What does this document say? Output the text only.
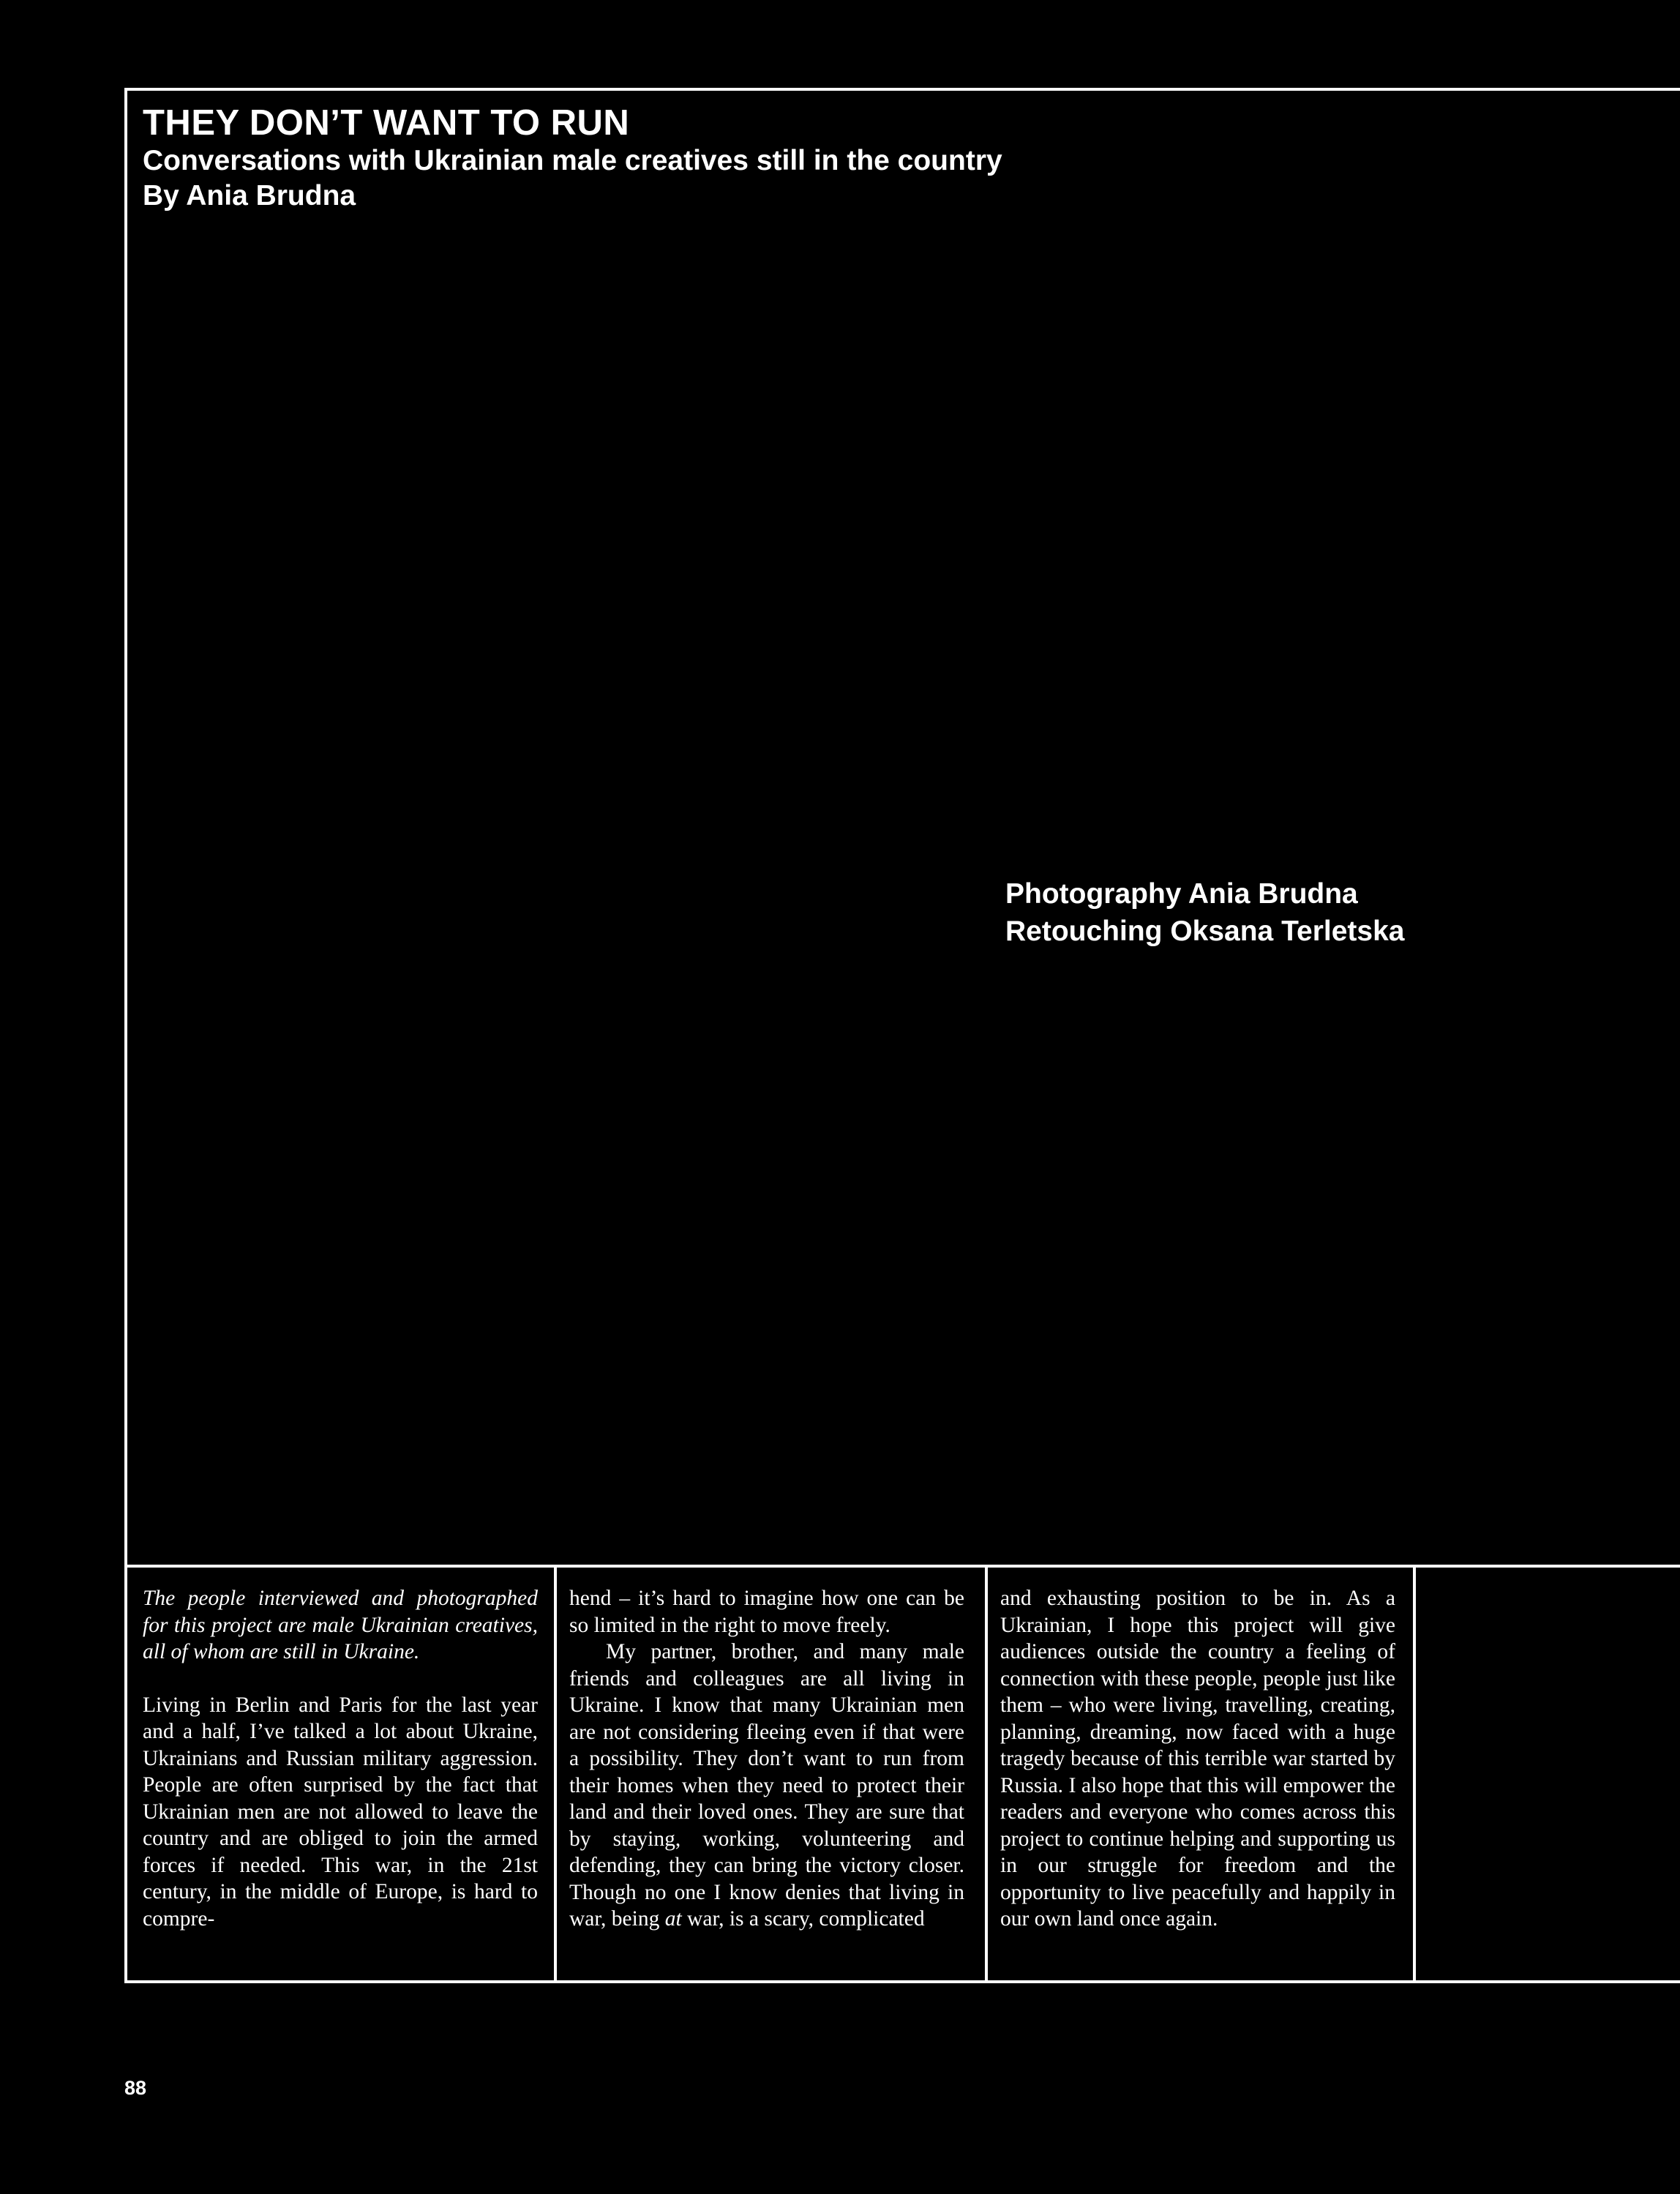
THEY DON’T WANT TO RUN
Conversations with Ukrainian male creatives still in the country
By Ania Brudna
Photography Ania Brudna
Retouching Oksana Terletska

The people interviewed and photographed for this project are male Ukrainian creatives, all of whom are still in Ukraine.

Living in Berlin and Paris for the last year and a half, I’ve talked a lot about Ukraine, Ukrainians and Russian military aggression. People are often surprised by the fact that Ukrainian men are not allowed to leave the country and are obliged to join the armed forces if needed. This war, in the 21st century, in the middle of Europe, is hard to compre-

hend – it’s hard to imagine how one can be so limited in the right to move freely.

My partner, brother, and many male friends and colleagues are all living in Ukraine. I know that many Ukrainian men are not considering fleeing even if that were a possibility. They don’t want to run from their homes when they need to protect their land and their loved ones. They are sure that by staying, working, volunteering and defending, they can bring the victory closer. Though no one I know denies that living in war, being at war, is a scary, complicated

and exhausting position to be in. As a Ukrainian, I hope this project will give audiences outside the country a feeling of connection with these people, people just like them – who were living, travelling, creating, planning, dreaming, now faced with a huge tragedy because of this terrible war started by Russia. I also hope that this will empower the readers and everyone who comes across this project to continue helping and supporting us in our struggle for freedom and the opportunity to live peacefully and happily in our own land once again.

88
